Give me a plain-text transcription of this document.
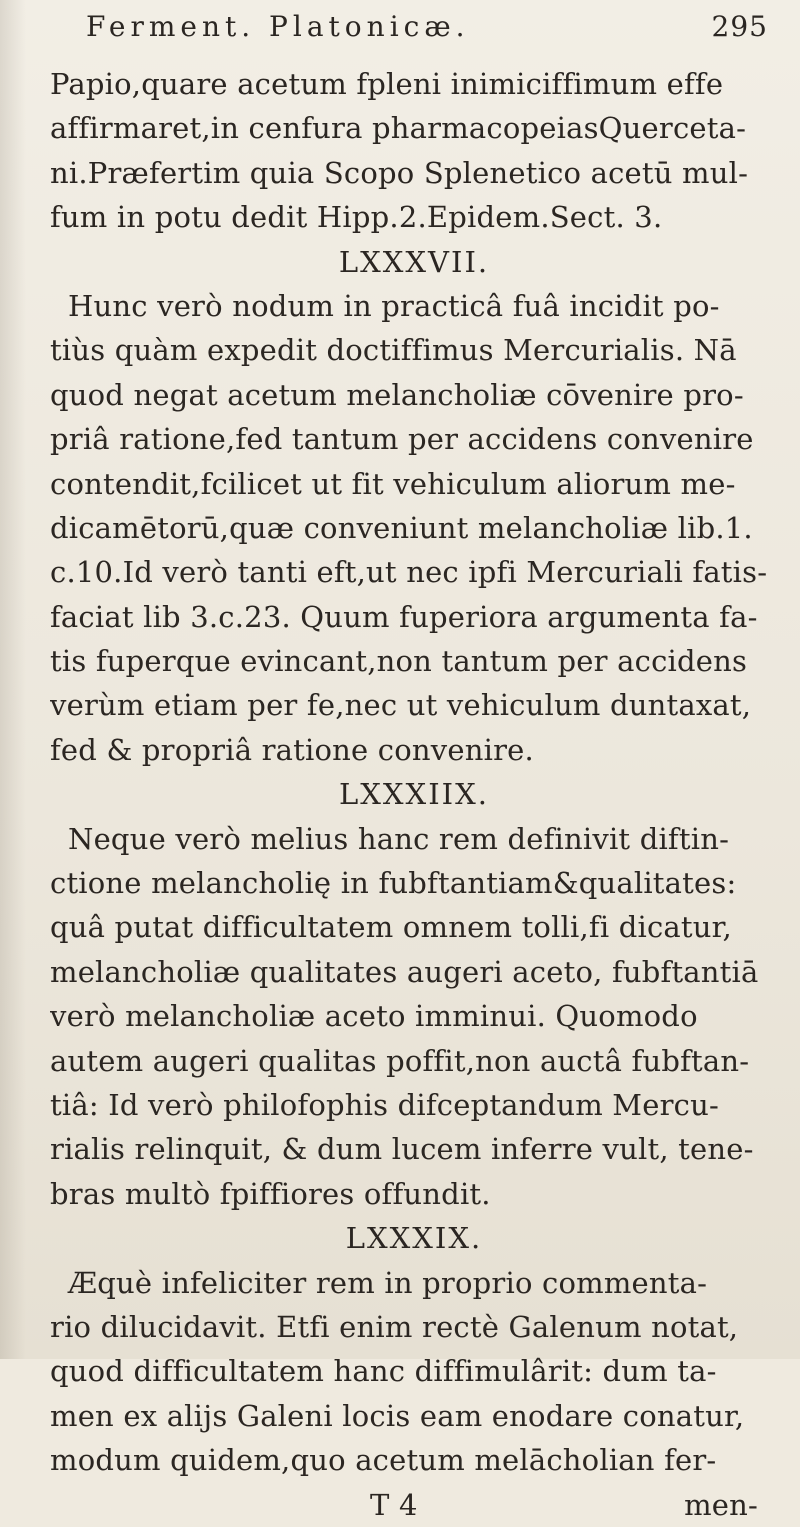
Ferment. Platonicæ.	295
Papio,quare acetum fpleni inimiciffimum effe
affirmaret,in cenfura pharmacopeiasQuerceta-
ni.Præfertim quia Scopo Splenetico acetū mul-
fum in potu dedit Hipp.2.Epidem.Sect. 3.
LXXXVII.
Hunc verò nodum in practicâ fuâ incidit po-
tiùs quàm expedit doctiffimus Mercurialis. Nā
quod negat acetum melancholiæ cōvenire pro-
priâ ratione,fed tantum per accidens convenire
contendit,fcilicet ut fit vehiculum aliorum me-
dicamētorū,quæ conveniunt melancholiæ lib.1.
c.10.Id verò tanti eft,ut nec ipfi Mercuriali fatis-
faciat lib 3.c.23. Quum fuperiora argumenta fa-
tis fuperque evincant,non tantum per accidens
verùm etiam per fe,nec ut vehiculum duntaxat,
fed & propriâ ratione convenire.
LXXXIIX.
Neque verò melius hanc rem definivit diftin-
ctione melancholię in fubftantiam&qualitates:
quâ putat difficultatem omnem tolli,fi dicatur,
melancholiæ qualitates augeri aceto, fubftantiā
verò melancholiæ aceto imminui. Quomodo
autem augeri qualitas poffit,non auctâ fubftan-
tiâ: Id verò philofophis difceptandum Mercu-
rialis relinquit, & dum lucem inferre vult, tene-
bras multò fpiffiores offundit.
LXXXIX.
Æquè infeliciter rem in proprio commenta-
rio dilucidavit. Etfi enim rectè Galenum notat,
quod difficultatem hanc diffimulârit: dum ta-
men ex alijs Galeni locis eam enodare conatur,
modum quidem,quo acetum melācholian fer-
T 4	men-
